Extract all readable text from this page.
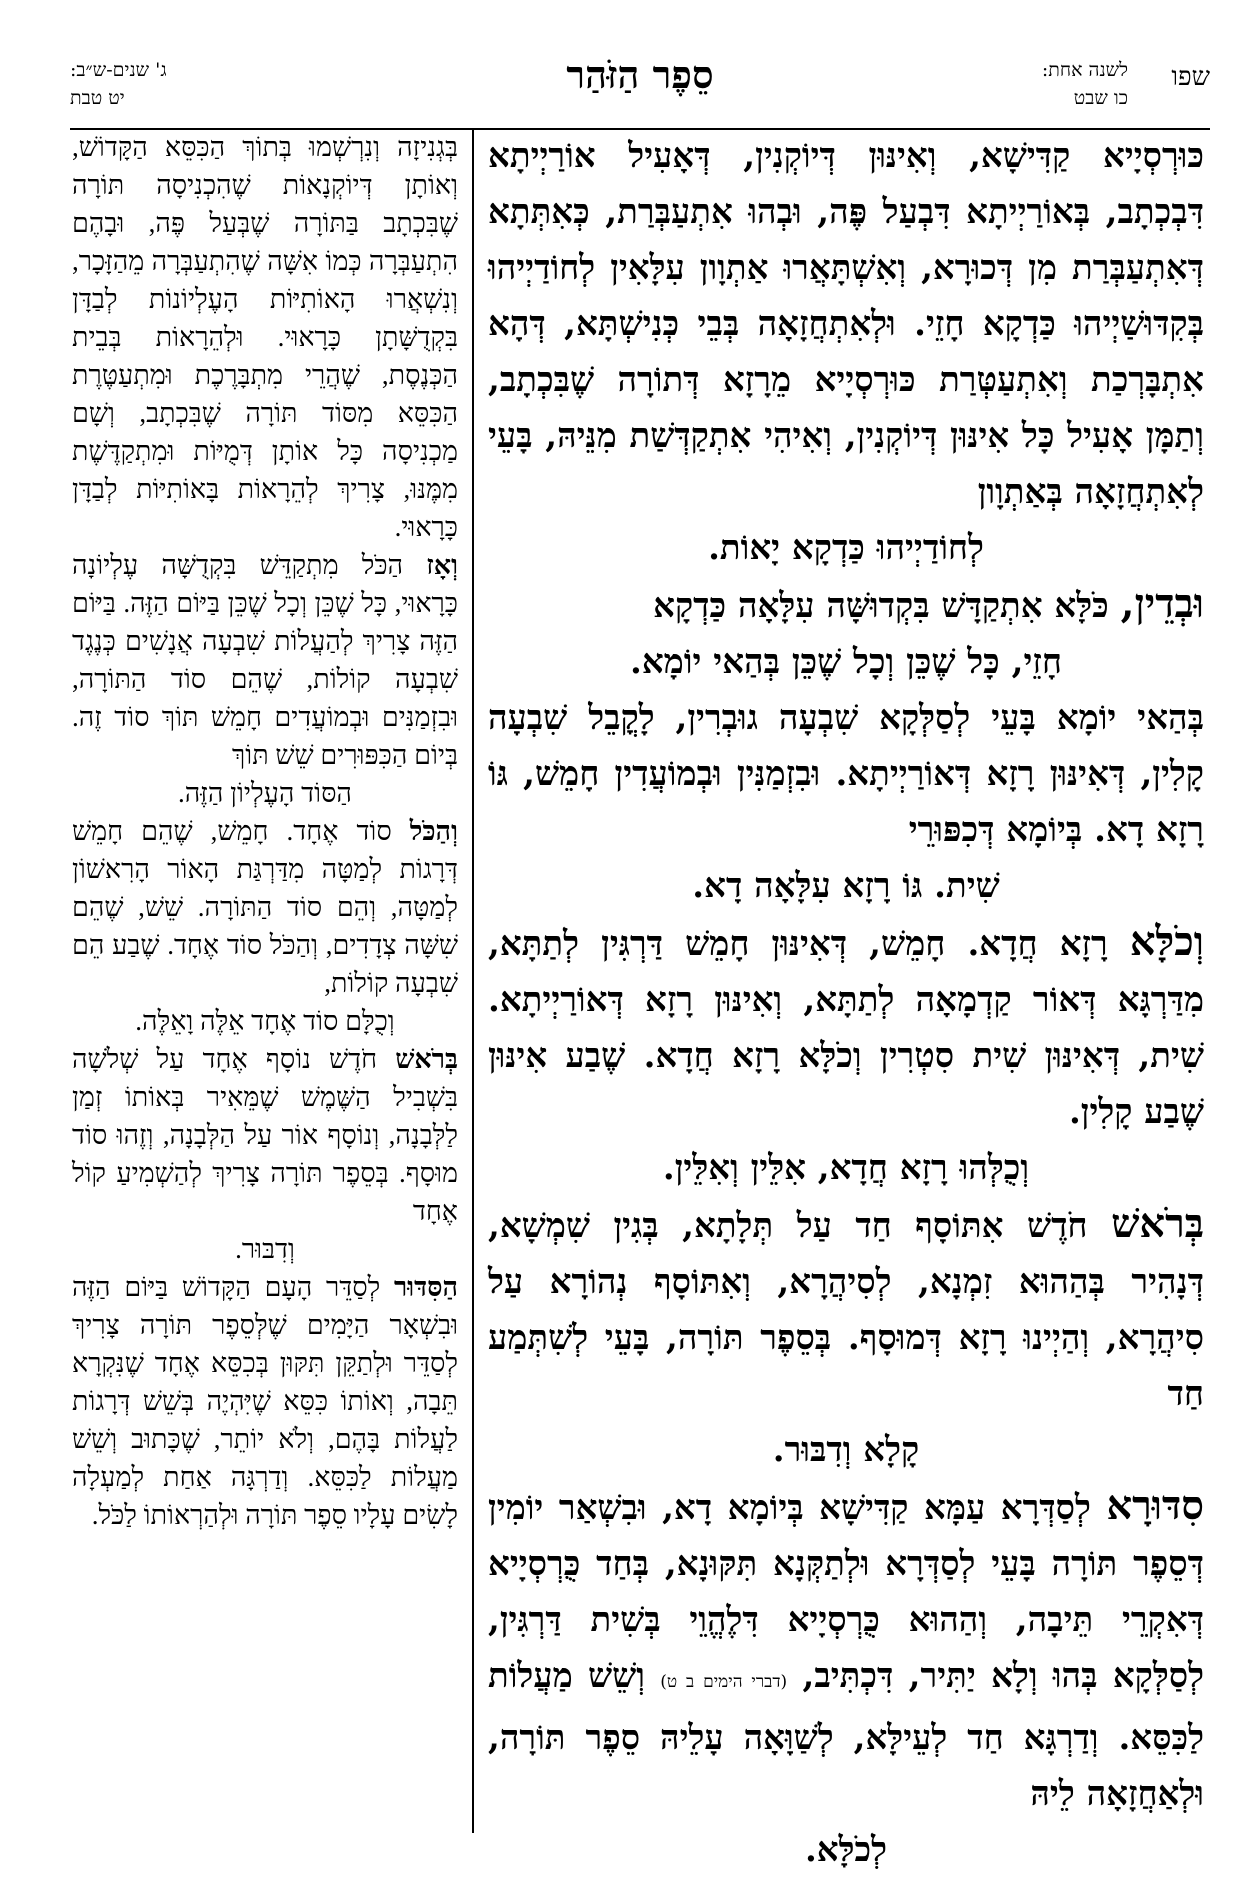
שפו
לשנה אחת:
כו שבט
סֵפֶר הַזֹּהַר
ג' שנים-ש״ב:
יט טבת

כּוּרְסְיָיא קַדִּישָׁא, וְאִינּוּן דְּיוֹקְנִין, דְּאָעִיל אוֹרַיְיתָא דִּבְכְתָב, בְּאוֹרַיְיתָא דִּבְעַל פֶּה, וּבְהוּ אִתְעַבְּרַת, כְּאִתְּתָא דְּאִתְעַבְּרַת מִן דְּכוּרָא, וְאִשְׁתָּאֲרוּ אַתְוָון עִלָּאִין לְחוֹדַיְיהוּ בְּקִדּוּשַׁיְיהוּ כַּדְקָא חָזֵי. וּלְאִתְחֲזָאָה בְּבֵי כְּנִישְׁתָּא, דְּהָא אִתְבָּרְכַת וְאִתְעַטְּרַת כּוּרְסְיָיא מֵרָזָא דְּתוֹרָה שֶׁבִּכְתָב, וְתַמָּן אָעִיל כָּל אִינּוּן דְּיוֹקְנִין, וְאִיהִי אִתְקַדְּשַׁת מִנֵּיהּ, בָּעֵי לְאִתְחֲזָאָה בְּאַתְוָון

לְחוֹדַיְיהוּ כַּדְקָא יָאוֹת.

וּבְדֵין, כֹּלָּא אִתְקַדָּשׁ בִּקְדוּשָּׁה עִלָּאָה כַּדְקָא

חָזֵי, כָּל שֶׁכֵּן וְכָל שֶׁכֵּן בְּהַאי יוֹמָא.

בְּהַאי יוֹמָא בָּעֵי לְסַלְּקָא שִׁבְעָה גוּבְרִין, לָקֳבֵל שִׁבְעָה קָלִין, דְּאִינּוּן רָזָא דְּאוֹרַיְיתָא. וּבִזְמַנִּין וּבְמוֹעֲדִין חָמֵשׁ, גּוֹ רָזָא דָא. בְּיוֹמָא דְּכִפּוּרֵי

שִׁית. גּוֹ רָזָא עִלָּאָה דָא.

וְכֹלָּא רָזָא חֲדָא. חָמֵשׁ, דְּאִינּוּן חָמֵשׁ דַּרְגִּין לְתַתָּא, מִדַּרְגָּא דְּאוֹר קַדְמָאָה לְתַתָּא, וְאִינּוּן רָזָא דְּאוֹרַיְיתָא. שִׁית, דְּאִינּוּן שִׁית סִטְרִין וְכֹלָּא רָזָא חֲדָא. שֶׁבַע אִינּוּן שֶׁבַע קָלִין.

וְכֻלְּהוּ רָזָא חֲדָא, אִלֵּין וְאִלֵּין.

בְּרֹאשׁ חֹדֶשׁ אִתּוֹסָף חַד עַל תְּלָתָא, בְּגִין שִׁמְשָׁא, דְּנָהִיר בְּהַהוּא זִמְנָא, לְסִיהֲרָא, וְאִתּוֹסָף נְהוֹרָא עַל סִיהֲרָא, וְהַיְינוּ רָזָא דְּמוּסָף. בְּסֵפֶר תּוֹרָה, בָּעֵי לְשִׁתְּמַע חַד

קָלָא וְדִבּוּר.

סִדּוּרָא לְסַדְּרָא עַמָּא קַדִּישָׁא בְּיוֹמָא דָא, וּבִשְׁאַר יוֹמִין דְּסֵפֶר תּוֹרָה בָּעֵי לְסַדְּרָא וּלְתַקְּנָא תִּקּוּנָא, בְּחַד כֻּרְסְיָיא דְּאִקְרֵי תֵּיבָה, וְהַהוּא כֻּרְסְיָיא דִּלֶהֱוֵי בְּשִׁית דַּרְגִּין, לְסַלְּקָא בְּהוּ וְלָא יַתִּיר, דִּכְתִּיב, (דברי הימים ב ט) וְשֵׁשׁ מַעֲלוֹת לַכִּסֵּא. וְדַרְגָּא חַד לְעֵילָּא, לְשַׁוָּאָה עָלֵיהּ סֵפֶר תּוֹרָה, וּלְאַחֲזָאָה לֵיהּ

לְכֹלָּא.

בְּגְנִיזָה וְנִרְשְׁמוּ בְּתוֹךְ הַכִּסֵּא הַקָּדוֹשׁ, וְאוֹתָן דְּיוֹקְנָאוֹת שֶׁהִכְנִיסָה תּוֹרָה שֶׁבִּכְתָב בַּתּוֹרָה שֶׁבְּעַל פֶּה, וּבָהֶם הִתְעַבְּרָה כְּמוֹ אִשָּׁה שֶׁהִתְעַבְּרָה מֵהַזָּכָר, וְנִשְׁאֲרוּ הָאוֹתִיּוֹת הָעֶלְיוֹנוֹת לְבַדָּן בִּקְדֻשָּׁתָן כָּרָאוּי. וּלְהֵרָאוֹת בְּבֵית הַכְּנֶסֶת, שֶׁהֲרֵי מִתְבָּרֶכֶת וּמִתְעַטֶּרֶת הַכִּסֵּא מִסּוֹד תּוֹרָה שֶׁבִּכְתָב, וְשָׁם מַכְנִיסָה כָּל אוֹתָן דְּמֻיּוֹת וּמִתְקַדֶּשֶׁת מִמֶּנּוּ, צָרִיךְ לְהֵרָאוֹת בָּאוֹתִיּוֹת לְבַדָּן כָּרָאוּי.

וְאָז הַכֹּל מִתְקַדֵּשׁ בִּקְדֻשָּׁה עֶלְיוֹנָה כָּרָאוּי, כָּל שֶׁכֵּן וְכָל שֶׁכֵּן בַּיּוֹם הַזֶּה. בַּיּוֹם הַזֶּה צָרִיךְ לְהַעֲלוֹת שִׁבְעָה אֲנָשִׁים כְּנֶגֶד שִׁבְעָה קוֹלוֹת, שֶׁהֵם סוֹד הַתּוֹרָה, וּבִזְמַנִּים וּבְמוֹעֲדִים חָמֵשׁ תּוֹךְ סוֹד זֶה. בְּיוֹם הַכִּפּוּרִים שֵׁשׁ תּוֹךְ

הַסּוֹד הָעֶלְיוֹן הַזֶּה.

וְהַכֹּל סוֹד אֶחָד. חָמֵשׁ, שֶׁהֵם חָמֵשׁ דְּרָגוֹת לְמַטָּה מִדַּרְגַּת הָאוֹר הָרִאשׁוֹן לְמַטָּה, וְהֵם סוֹד הַתּוֹרָה. שֵׁשׁ, שֶׁהֵם שִׁשָּׁה צְדָדִים, וְהַכֹּל סוֹד אֶחָד. שֶׁבַע הֵם שִׁבְעָה קוֹלוֹת,

וְכֻלָּם סוֹד אֶחָד אֵלֶּה וָאֵלֶּה.

בְּרֹאשׁ חֹדֶשׁ נוֹסָף אֶחָד עַל שְׁלֹשָׁה בִּשְׁבִיל הַשֶּׁמֶשׁ שֶׁמֵּאִיר בְּאוֹתוֹ זְמַן לַלְּבָנָה, וְנוֹסָף אוֹר עַל הַלְּבָנָה, וְזֶהוּ סוֹד מוּסָף. בְּסֵפֶר תּוֹרָה צָרִיךְ לְהַשְׁמִיעַ קוֹל אֶחָד

וְדִבּוּר.

הַסִּדּוּר לְסַדֵּר הָעָם הַקָּדוֹשׁ בַּיּוֹם הַזֶּה וּבִשְׁאָר הַיָּמִים שֶׁלְּסֵפֶר תּוֹרָה צָרִיךְ לְסַדֵּר וּלְתַקֵּן תִּקּוּן בְּכִסֵּא אֶחָד שֶׁנִּקְרָא תֵּבָה, וְאוֹתוֹ כִּסֵּא שֶׁיִּהְיֶה בְּשֵׁשׁ דְּרָגוֹת לַעֲלוֹת בָּהֶם, וְלֹא יוֹתֵר, שֶׁכָּתוּב וְשֵׁשׁ מַעֲלוֹת לַכִּסֵּא. וְדַרְגָּה אַחַת לְמַעְלָה לָשִׂים עָלָיו סֵפֶר תּוֹרָה וּלְהַרְאוֹתוֹ לַכֹּל.
